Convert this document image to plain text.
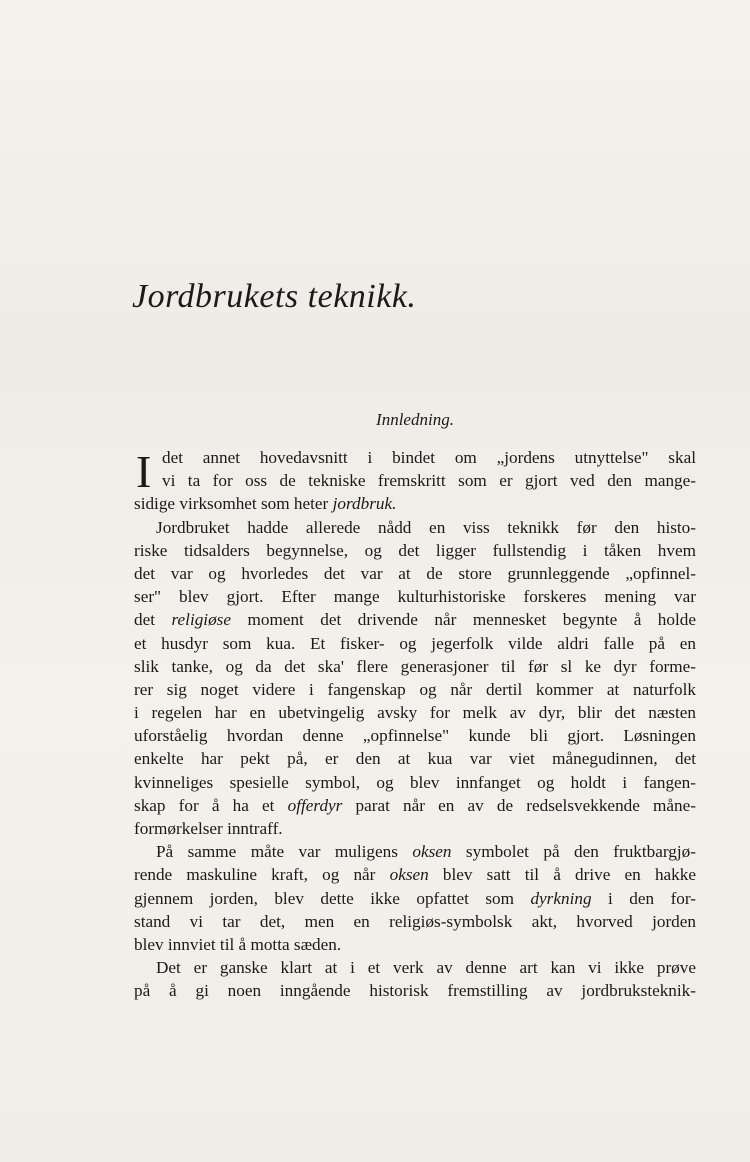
Jordbrukets teknikk.
Innledning.
I det annet hovedavsnitt i bindet om „jordens utnyttelse" skal
vi ta for oss de tekniske fremskritt som er gjort ved den mange-
sidige virksomhet som heter jordbruk.
Jordbruket hadde allerede nådd en viss teknikk før den histo-
riske tidsalders begynnelse, og det ligger fullstendig i tåken hvem
det var og hvorledes det var at de store grunnleggende „opfinnel-
ser" blev gjort. Efter mange kulturhistoriske forskeres mening var
det religiøse moment det drivende når mennesket begynte å holde
et husdyr som kua. Et fisker- og jegerfolk vilde aldri falle på en
slik tanke, og da det ska' flere generasjoner til før sl ke dyr forme-
rer sig noget videre i fangenskap og når dertil kommer at naturfolk
i regelen har en ubetvingelig avsky for melk av dyr, blir det næsten
uforståelig hvordan denne „opfinnelse" kunde bli gjort. Løsningen
enkelte har pekt på, er den at kua var viet månegudinnen, det
kvinneliges spesielle symbol, og blev innfanget og holdt i fangen-
skap for å ha et offerdyr parat når en av de redselsvekkende måne-
formørkelser inntraff.
På samme måte var muligens oksen symbolet på den fruktbargjø-
rende maskuline kraft, og når oksen blev satt til å drive en hakke
gjennem jorden, blev dette ikke opfattet som dyrkning i den for-
stand vi tar det, men en religiøs-symbolsk akt, hvorved jorden
blev innviet til å motta sæden.
Det er ganske klart at i et verk av denne art kan vi ikke prøve
på å gi noen inngående historisk fremstilling av jordbruksteknik-
